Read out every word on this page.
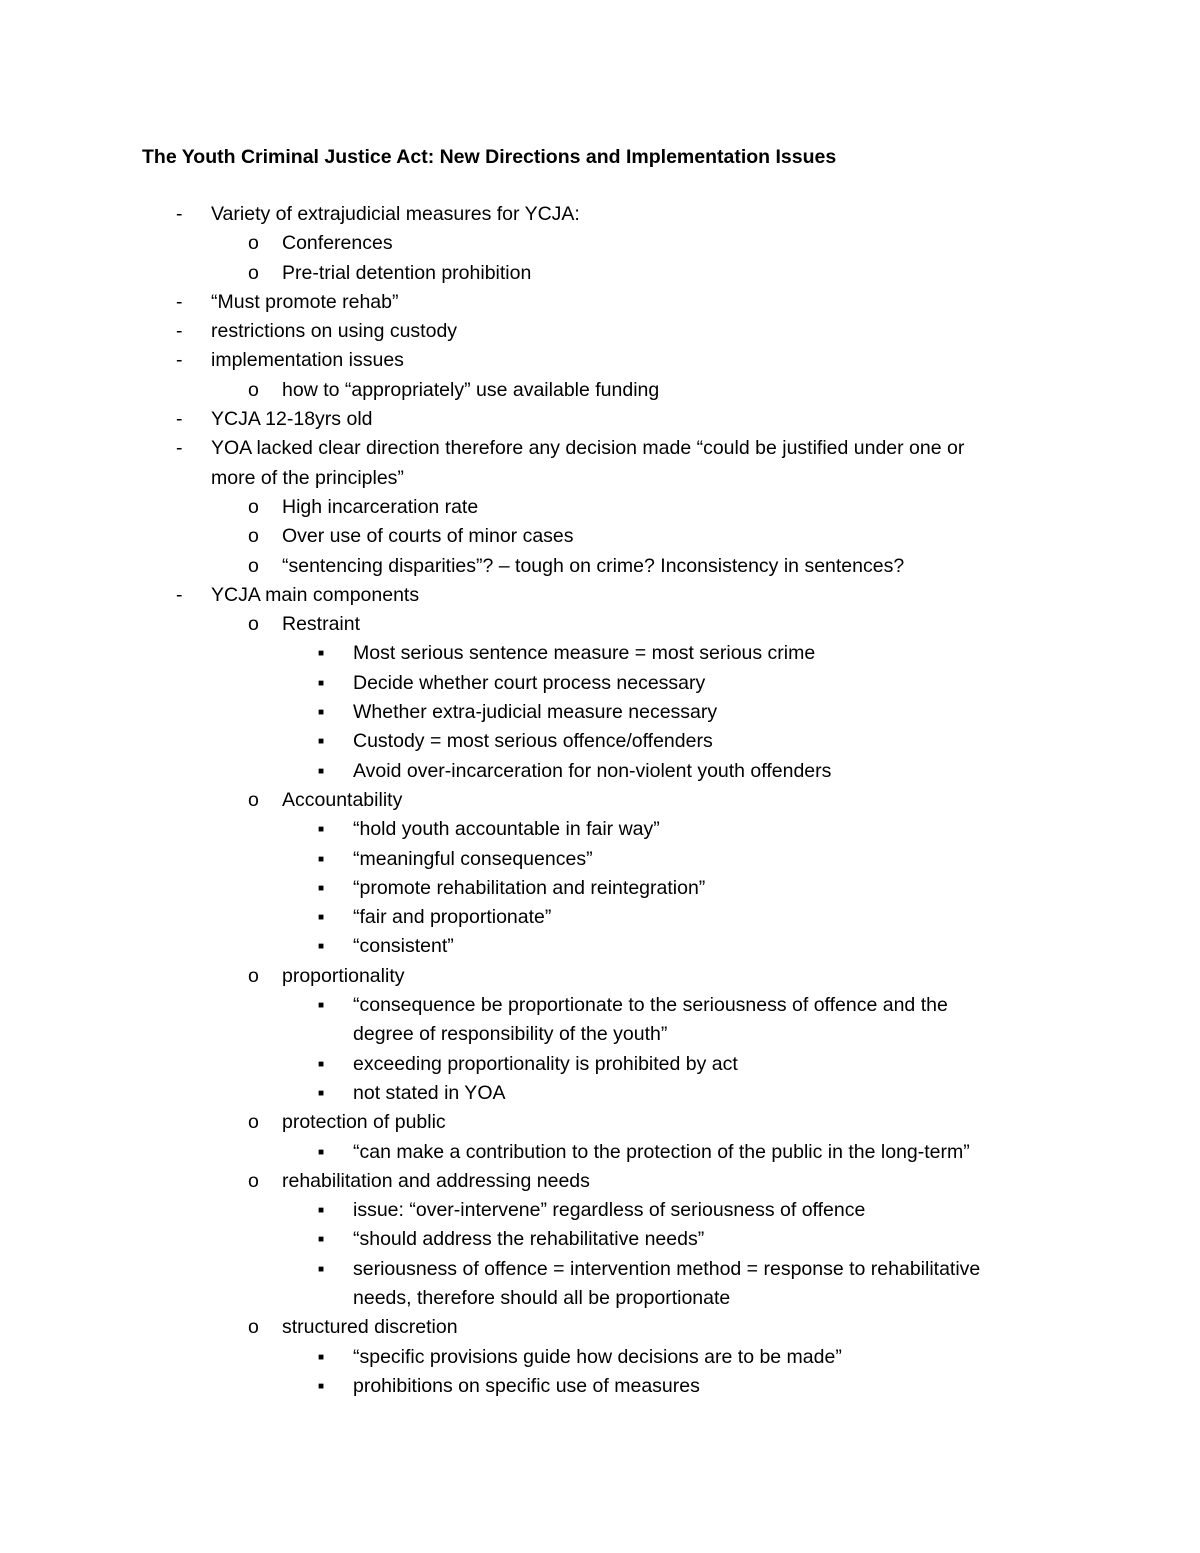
The Youth Criminal Justice Act: New Directions and Implementation Issues
- Variety of extrajudicial measures for YCJA:
o Conferences
o Pre-trial detention prohibition
- “Must promote rehab”
- restrictions on using custody
- implementation issues
o how to “appropriately” use available funding
- YCJA 12-18yrs old
- YOA lacked clear direction therefore any decision made “could be justified under one or
more of the principles”
o High incarceration rate
o Over use of courts of minor cases
o “sentencing disparities”? – tough on crime? Inconsistency in sentences?
- YCJA main components
o Restraint
■ Most serious sentence measure = most serious crime
■ Decide whether court process necessary
■ Whether extra-judicial measure necessary
■ Custody = most serious offence/offenders
■ Avoid over-incarceration for non-violent youth offenders
o Accountability
■ “hold youth accountable in fair way”
■ “meaningful consequences”
■ “promote rehabilitation and reintegration”
■ “fair and proportionate”
■ “consistent”
o proportionality
■ “consequence be proportionate to the seriousness of offence and the
degree of responsibility of the youth”
■ exceeding proportionality is prohibited by act
■ not stated in YOA
o protection of public
■ “can make a contribution to the protection of the public in the long-term”
o rehabilitation and addressing needs
■ issue: “over-intervene” regardless of seriousness of offence
■ “should address the rehabilitative needs”
■ seriousness of offence = intervention method = response to rehabilitative
needs, therefore should all be proportionate
o structured discretion
■ “specific provisions guide how decisions are to be made”
■ prohibitions on specific use of measures
